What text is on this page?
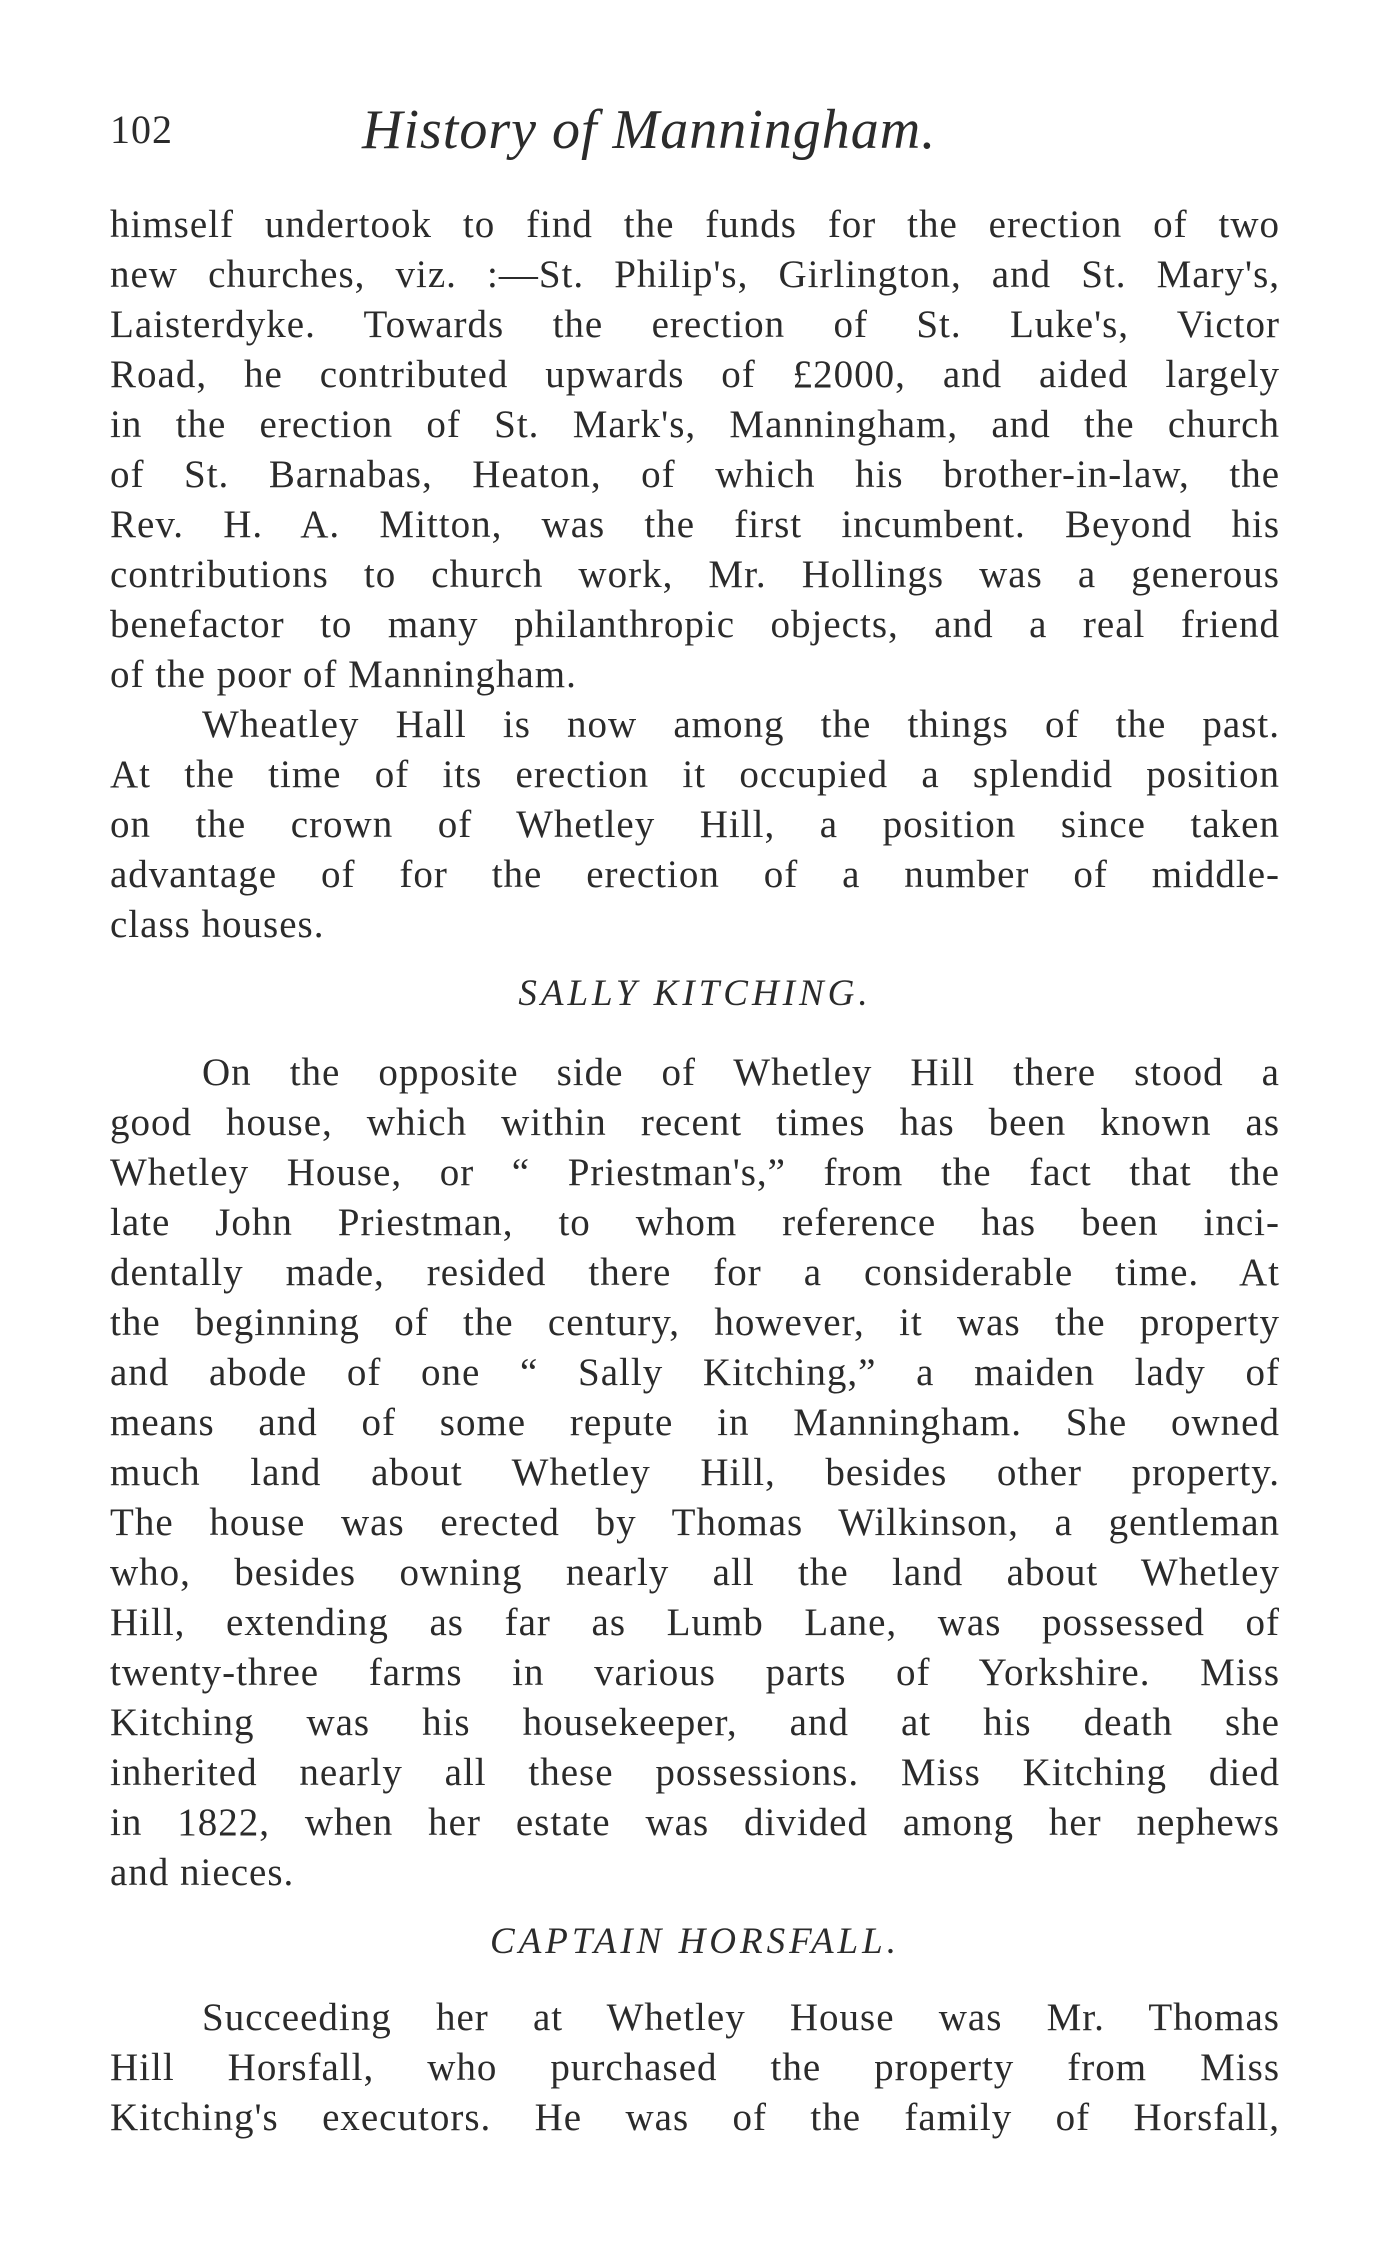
102	History of Manningham.
himself undertook to find the funds for the erection of two
new churches, viz. :—St. Philip's, Girlington, and St. Mary's,
Laisterdyke. Towards the erection of St. Luke's, Victor
Road, he contributed upwards of £2000, and aided largely
in the erection of St. Mark's, Manningham, and the church
of St. Barnabas, Heaton, of which his brother-in-law, the
Rev. H. A. Mitton, was the first incumbent. Beyond his
contributions to church work, Mr. Hollings was a generous
benefactor to many philanthropic objects, and a real friend
of the poor of Manningham.
Wheatley Hall is now among the things of the past.
At the time of its erection it occupied a splendid position
on the crown of Whetley Hill, a position since taken
advantage of for the erection of a number of middle-
class houses.
SALLY KITCHING.
On the opposite side of Whetley Hill there stood a
good house, which within recent times has been known as
Whetley House, or “ Priestman's,” from the fact that the
late John Priestman, to whom reference has been inci-
dentally made, resided there for a considerable time. At
the beginning of the century, however, it was the property
and abode of one “ Sally Kitching,” a maiden lady of
means and of some repute in Manningham. She owned
much land about Whetley Hill, besides other property.
The house was erected by Thomas Wilkinson, a gentleman
who, besides owning nearly all the land about Whetley
Hill, extending as far as Lumb Lane, was possessed of
twenty-three farms in various parts of Yorkshire. Miss
Kitching was his housekeeper, and at his death she
inherited nearly all these possessions. Miss Kitching died
in 1822, when her estate was divided among her nephews
and nieces.
CAPTAIN HORSFALL.
Succeeding her at Whetley House was Mr. Thomas
Hill Horsfall, who purchased the property from Miss
Kitching's executors. He was of the family of Horsfall,
